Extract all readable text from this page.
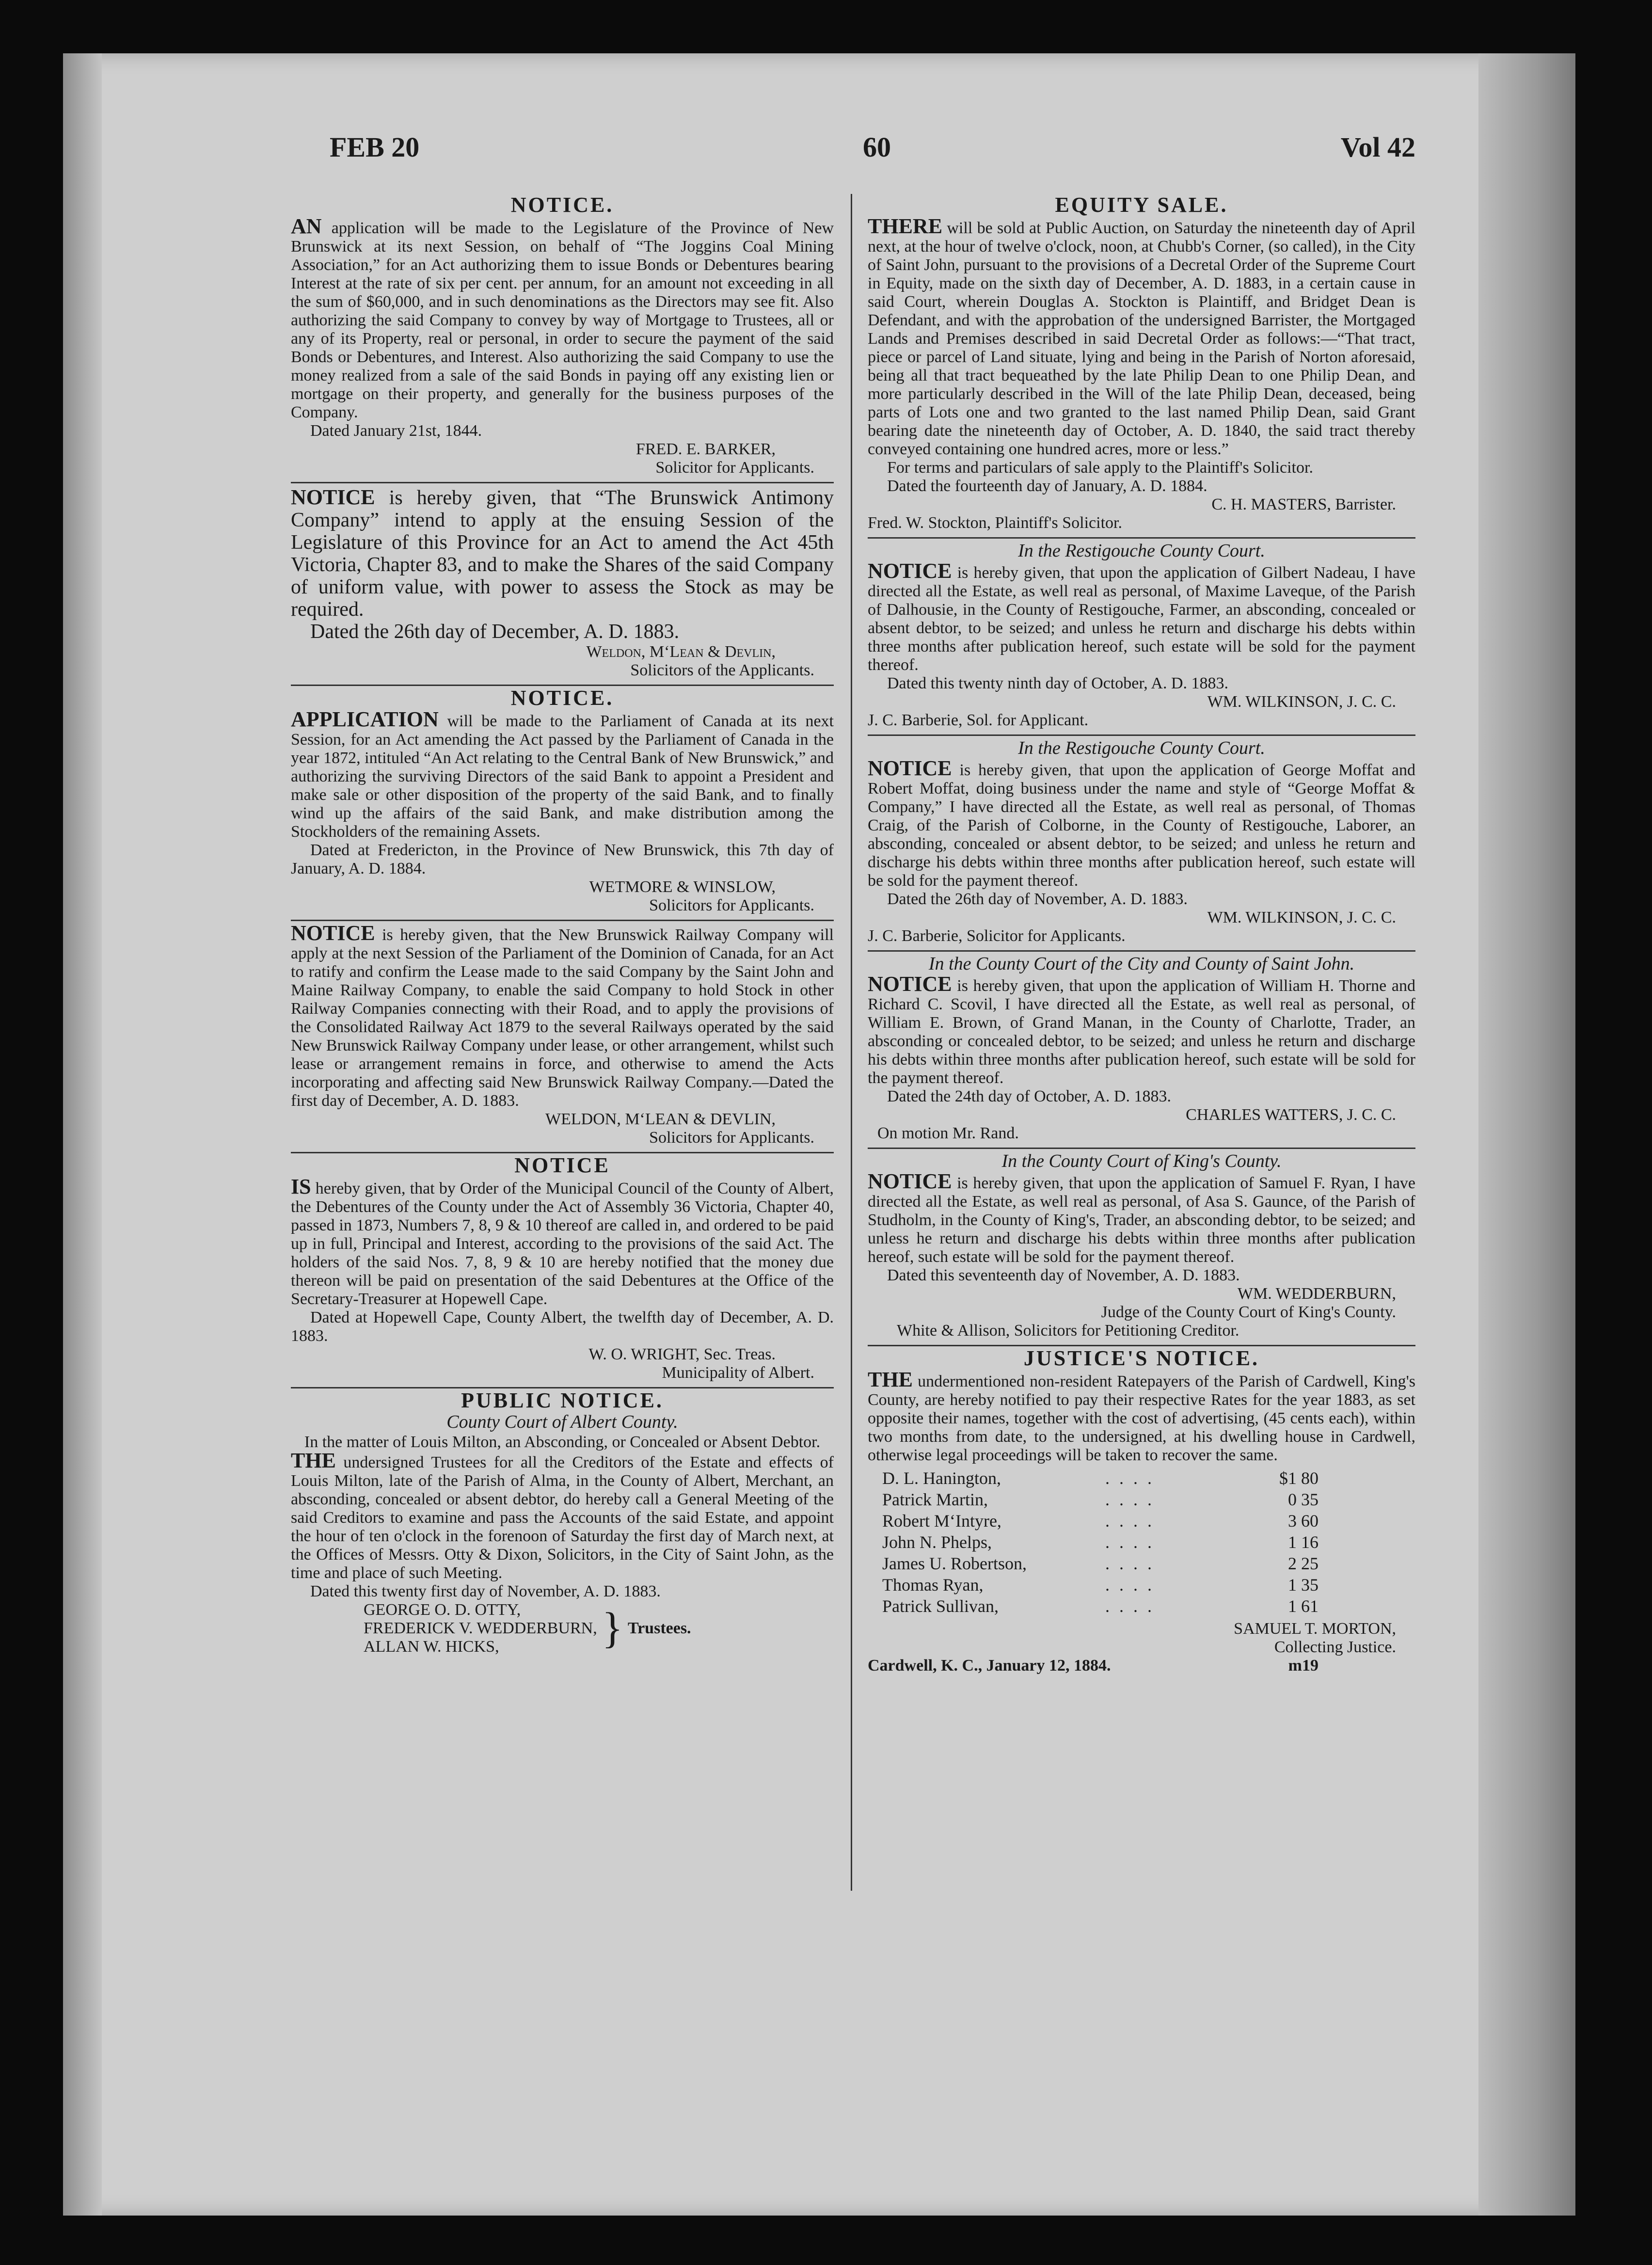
FEB 20	60	Vol 42
NOTICE.

AN application will be made to the Legislature of the Province of New Brunswick at its next Session, on behalf of “The Joggins Coal Mining Association,” for an Act authorizing them to issue Bonds or Debentures bearing Interest at the rate of six per cent. per annum, for an amount not exceeding in all the sum of $60,000, and in such denominations as the Directors may see fit. Also authorizing the said Company to convey by way of Mortgage to Trustees, all or any of its Property, real or personal, in order to secure the payment of the said Bonds or Debentures, and Interest. Also authorizing the said Company to use the money realized from a sale of the said Bonds in paying off any existing lien or mortgage on their property, and generally for the business purposes of the Company.

Dated January 21st, 1844.

FRED. E. BARKER,

Solicitor for Applicants.

NOTICE is hereby given, that “The Brunswick Antimony Company” intend to apply at the ensuing Session of the Legislature of this Province for an Act to amend the Act 45th Victoria, Chapter 83, and to make the Shares of the said Company of uniform value, with power to assess the Stock as may be required.

Dated the 26th day of December, A. D. 1883.

Weldon, M‘Lean & Devlin,

Solicitors of the Applicants.

NOTICE.

APPLICATION will be made to the Parliament of Canada at its next Session, for an Act amending the Act passed by the Parliament of Canada in the year 1872, intituled “An Act relating to the Central Bank of New Brunswick,” and authorizing the surviving Directors of the said Bank to appoint a President and make sale or other disposition of the property of the said Bank, and to finally wind up the affairs of the said Bank, and make distribution among the Stockholders of the remaining Assets.

Dated at Fredericton, in the Province of New Brunswick, this 7th day of January, A. D. 1884.

WETMORE & WINSLOW,

Solicitors for Applicants.

NOTICE is hereby given, that the New Brunswick Railway Company will apply at the next Session of the Parliament of the Dominion of Canada, for an Act to ratify and confirm the Lease made to the said Company by the Saint John and Maine Railway Company, to enable the said Company to hold Stock in other Railway Companies connecting with their Road, and to apply the provisions of the Consolidated Railway Act 1879 to the several Railways operated by the said New Brunswick Railway Company under lease, or other arrangement, whilst such lease or arrangement remains in force, and otherwise to amend the Acts incorporating and affecting said New Brunswick Railway Company.—Dated the first day of December, A. D. 1883.

WELDON, M‘LEAN & DEVLIN,

Solicitors for Applicants.

NOTICE

IS hereby given, that by Order of the Municipal Council of the County of Albert, the Debentures of the County under the Act of Assembly 36 Victoria, Chapter 40, passed in 1873, Numbers 7, 8, 9 & 10 thereof are called in, and ordered to be paid up in full, Principal and Interest, according to the provisions of the said Act. The holders of the said Nos. 7, 8, 9 & 10 are hereby notified that the money due thereon will be paid on presentation of the said Debentures at the Office of the Secretary-Treasurer at Hopewell Cape.

Dated at Hopewell Cape, County Albert, the twelfth day of December, A. D. 1883.

W. O. WRIGHT, Sec. Treas.

Municipality of Albert.

PUBLIC NOTICE.
County Court of Albert County.

In the matter of Louis Milton, an Absconding, or Concealed or Absent Debtor.

THE undersigned Trustees for all the Creditors of the Estate and effects of Louis Milton, late of the Parish of Alma, in the County of Albert, Merchant, an absconding, concealed or absent debtor, do hereby call a General Meeting of the said Creditors to examine and pass the Accounts of the said Estate, and appoint the hour of ten o'clock in the forenoon of Saturday the first day of March next, at the Offices of Messrs. Otty & Dixon, Solicitors, in the City of Saint John, as the time and place of such Meeting.

Dated this twenty first day of November, A. D. 1883.

GEORGE O. D. OTTY,

FREDERICK V. WEDDERBURN,

ALLAN W. HICKS,	} Trustees.
EQUITY SALE.

THERE will be sold at Public Auction, on Saturday the nineteenth day of April next, at the hour of twelve o'clock, noon, at Chubb's Corner, (so called), in the City of Saint John, pursuant to the provisions of a Decretal Order of the Supreme Court in Equity, made on the sixth day of December, A. D. 1883, in a certain cause in said Court, wherein Douglas A. Stockton is Plaintiff, and Bridget Dean is Defendant, and with the approbation of the undersigned Barrister, the Mortgaged Lands and Premises described in said Decretal Order as follows:—“That tract, piece or parcel of Land situate, lying and being in the Parish of Norton aforesaid, being all that tract bequeathed by the late Philip Dean to one Philip Dean, and more particularly described in the Will of the late Philip Dean, deceased, being parts of Lots one and two granted to the last named Philip Dean, said Grant bearing date the nineteenth day of October, A. D. 1840, the said tract thereby conveyed containing one hundred acres, more or less.”

For terms and particulars of sale apply to the Plaintiff's Solicitor.

Dated the fourteenth day of January, A. D. 1884.

C. H. MASTERS, Barrister.

Fred. W. Stockton, Plaintiff's Solicitor.

In the Restigouche County Court.

NOTICE is hereby given, that upon the application of Gilbert Nadeau, I have directed all the Estate, as well real as personal, of Maxime Laveque, of the Parish of Dalhousie, in the County of Restigouche, Farmer, an absconding, concealed or absent debtor, to be seized; and unless he return and discharge his debts within three months after publication hereof, such estate will be sold for the payment thereof.

Dated this twenty ninth day of October, A. D. 1883.

WM. WILKINSON, J. C. C.

J. C. Barberie, Sol. for Applicant.

In the Restigouche County Court.

NOTICE is hereby given, that upon the application of George Moffat and Robert Moffat, doing business under the name and style of “George Moffat & Company,” I have directed all the Estate, as well real as personal, of Thomas Craig, of the Parish of Colborne, in the County of Restigouche, Laborer, an absconding, concealed or absent debtor, to be seized; and unless he return and discharge his debts within three months after publication hereof, such estate will be sold for the payment thereof.

Dated the 26th day of November, A. D. 1883.

WM. WILKINSON, J. C. C.

J. C. Barberie, Solicitor for Applicants.

In the County Court of the City and County of Saint John.

NOTICE is hereby given, that upon the application of William H. Thorne and Richard C. Scovil, I have directed all the Estate, as well real as personal, of William E. Brown, of Grand Manan, in the County of Charlotte, Trader, an absconding or concealed debtor, to be seized; and unless he return and discharge his debts within three months after publication hereof, such estate will be sold for the payment thereof.

Dated the 24th day of October, A. D. 1883.

CHARLES WATTERS, J. C. C.

On motion Mr. Rand.

In the County Court of King's County.

NOTICE is hereby given, that upon the application of Samuel F. Ryan, I have directed all the Estate, as well real as personal, of Asa S. Gaunce, of the Parish of Studholm, in the County of King's, Trader, an absconding debtor, to be seized; and unless he return and discharge his debts within three months after publication hereof, such estate will be sold for the payment thereof.

Dated this seventeenth day of November, A. D. 1883.

WM. WEDDERBURN,

Judge of the County Court of King's County.

White & Allison, Solicitors for Petitioning Creditor.

JUSTICE'S NOTICE.

THE undermentioned non-resident Ratepayers of the Parish of Cardwell, King's County, are hereby notified to pay their respective Rates for the year 1883, as set opposite their names, together with the cost of advertising, (45 cents each), within two months from date, to the undersigned, at his dwelling house in Cardwell, otherwise legal proceedings will be taken to recover the same.

D. L. Hanington,	....	$1 80
Patrick Martin,	....	0 35
Robert M‘Intyre,	....	3 60
John N. Phelps,	....	1 16
James U. Robertson,	....	2 25
Thomas Ryan,	....	1 35
Patrick Sullivan,	....	1 61

SAMUEL T. MORTON,

Collecting Justice.

Cardwell, K. C., January 12, 1884.	m19
